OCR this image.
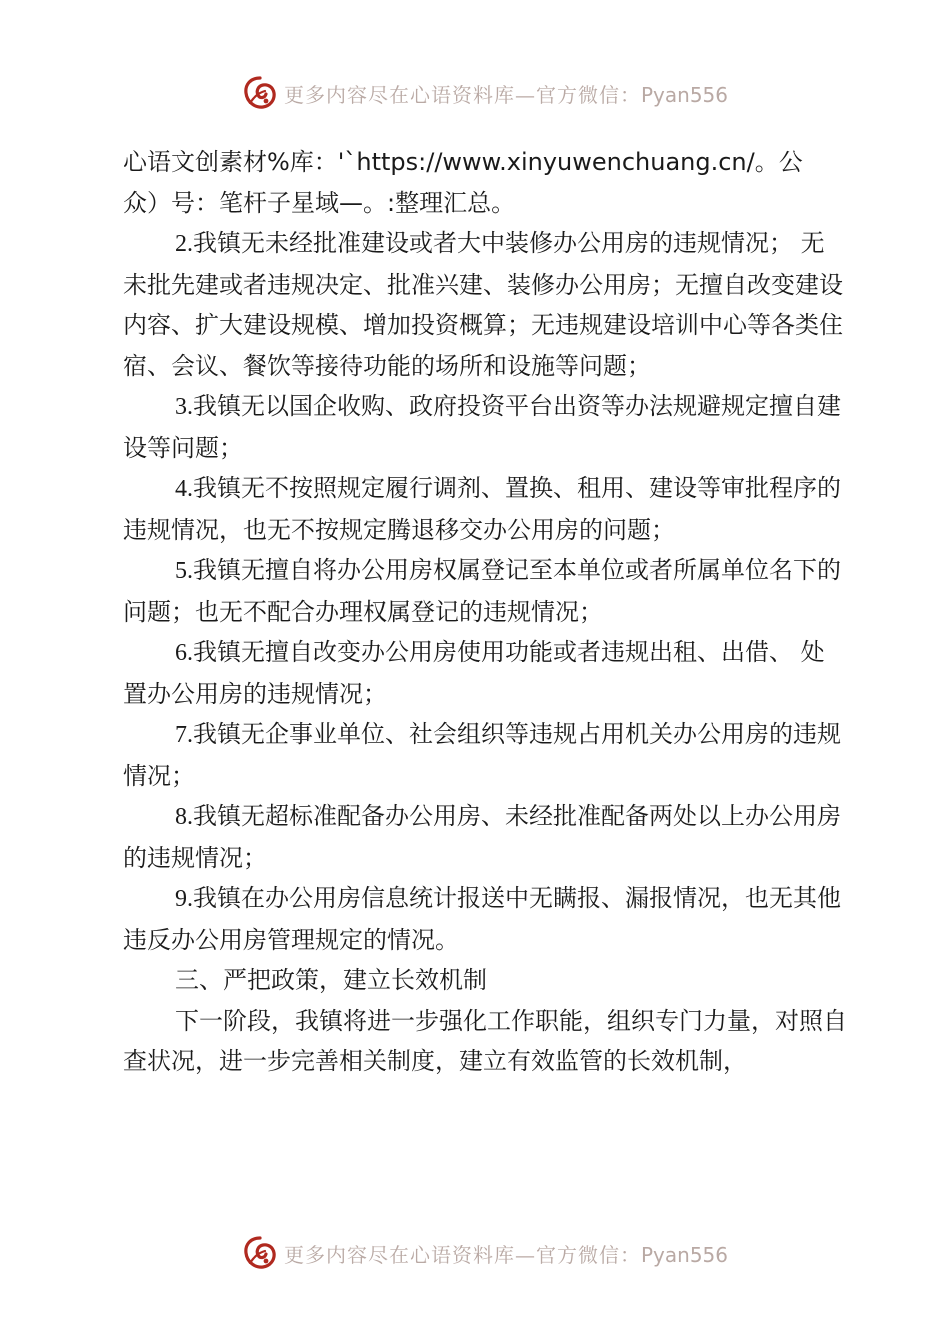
更多内容尽在心语资料库—官方微信：Pyan556

心语文创素材%库：'`https://www.xinyuwenchuang.cn/。公

众）号：笔杆子星域—。:整理汇总。

2.我镇无未经批准建设或者大中装修办公用房的违规情况； 无未批先建或者违规决定、批准兴建、装修办公用房；无擅自改变建设内容、扩大建设规模、增加投资概算；无违规建设培训中心等各类住宿、会议、餐饮等接待功能的场所和设施等问题；

3.我镇无以国企收购、政府投资平台出资等办法规避规定擅自建设等问题；

4.我镇无不按照规定履行调剂、置换、租用、建设等审批程序的违规情况，也无不按规定腾退移交办公用房的问题；

5.我镇无擅自将办公用房权属登记至本单位或者所属单位名下的问题；也无不配合办理权属登记的违规情况；

6.我镇无擅自改变办公用房使用功能或者违规出租、出借、 处置办公用房的违规情况；

7.我镇无企事业单位、社会组织等违规占用机关办公用房的违规情况；

8.我镇无超标准配备办公用房、未经批准配备两处以上办公用房的违规情况；

9.我镇在办公用房信息统计报送中无瞒报、漏报情况，也无其他违反办公用房管理规定的情况。

三、严把政策，建立长效机制

下一阶段，我镇将进一步强化工作职能，组织专门力量，对照自查状况，进一步完善相关制度，建立有效监管的长效机制，

更多内容尽在心语资料库—官方微信：Pyan556
